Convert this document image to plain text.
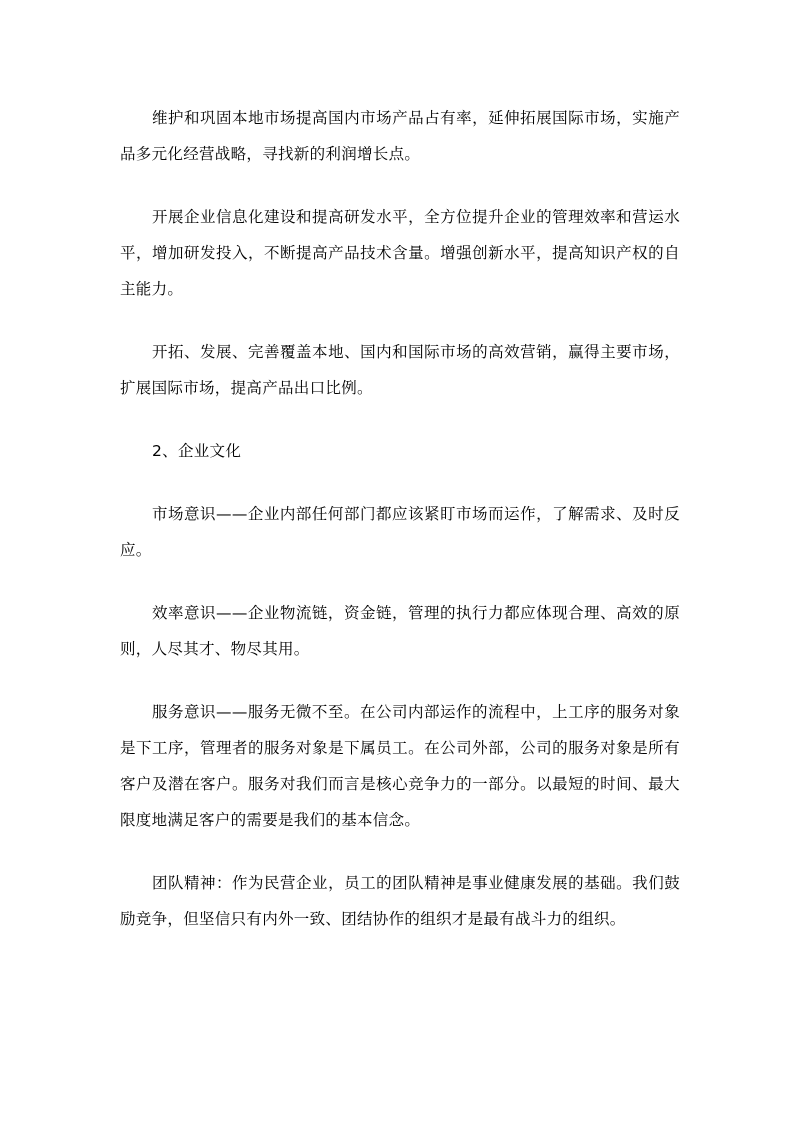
维护和巩固本地市场提高国内市场产品占有率，延伸拓展国际市场，实施产品多元化经营战略，寻找新的利润增长点。

开展企业信息化建设和提高研发水平，全方位提升企业的管理效率和营运水平，增加研发投入，不断提高产品技术含量。增强创新水平，提高知识产权的自主能力。

开拓、发展、完善覆盖本地、国内和国际市场的高效营销，赢得主要市场，扩展国际市场，提高产品出口比例。

2、企业文化

市场意识——企业内部任何部门都应该紧盯市场而运作，了解需求、及时反应。

效率意识——企业物流链，资金链，管理的执行力都应体现合理、高效的原则，人尽其才、物尽其用。

服务意识——服务无微不至。在公司内部运作的流程中，上工序的服务对象是下工序，管理者的服务对象是下属员工。在公司外部，公司的服务对象是所有客户及潜在客户。服务对我们而言是核心竞争力的一部分。以最短的时间、最大限度地满足客户的需要是我们的基本信念。

团队精神：作为民营企业，员工的团队精神是事业健康发展的基础。我们鼓励竞争，但坚信只有内外一致、团结协作的组织才是最有战斗力的组织。
